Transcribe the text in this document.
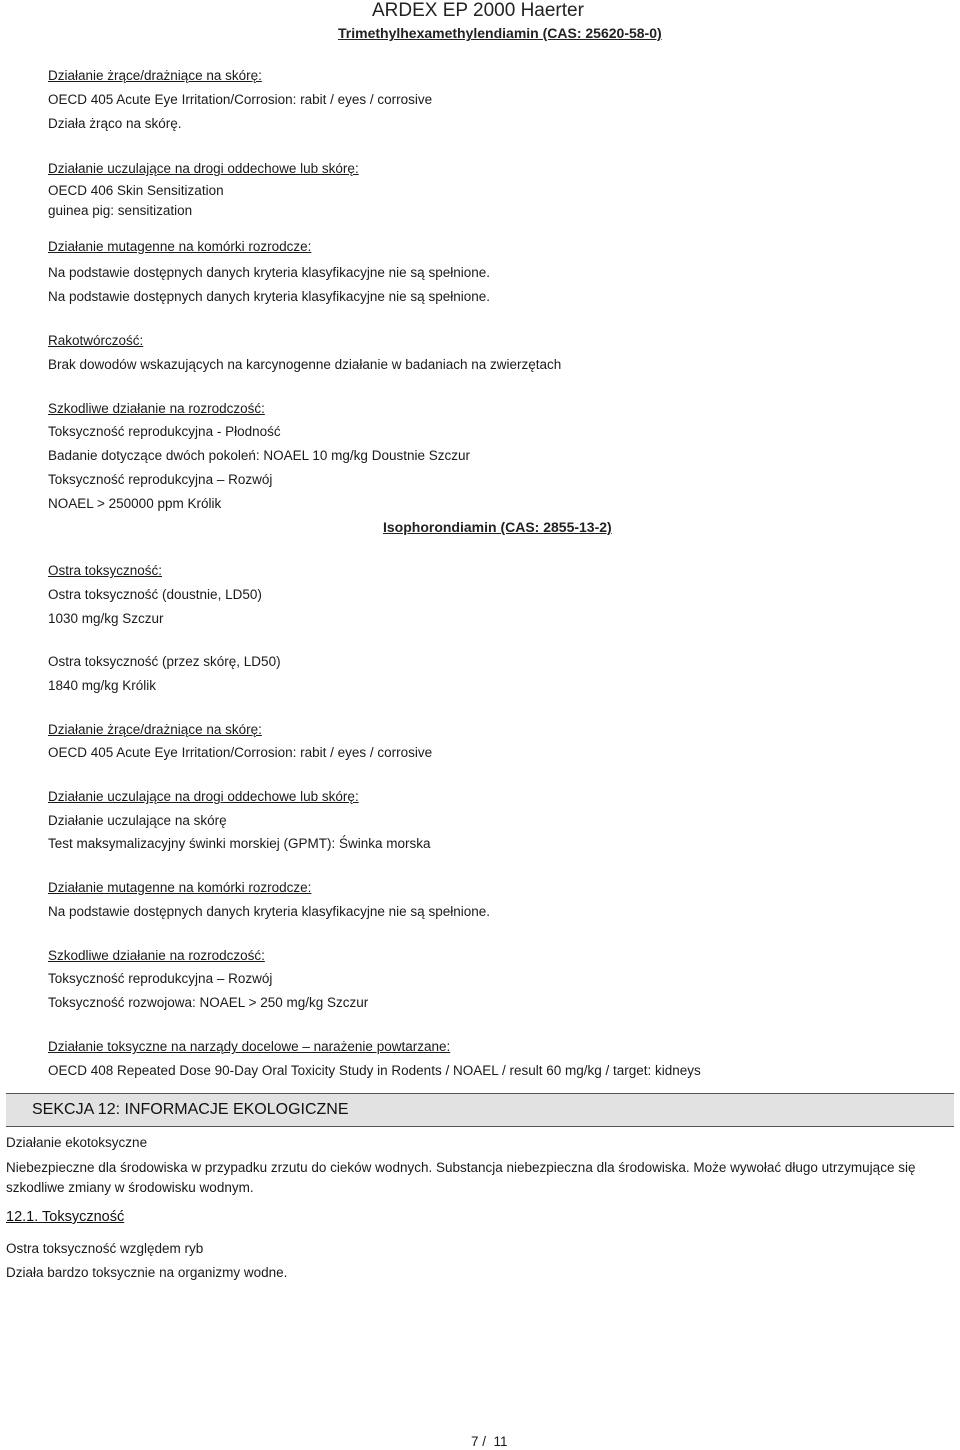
ARDEX EP 2000 Haerter
Trimethylhexamethylendiamin (CAS: 25620-58-0)
Działanie żrące/drażniące na skórę:
OECD 405 Acute Eye Irritation/Corrosion: rabit / eyes / corrosive
Działa żrąco na skórę.
Działanie uczulające na drogi oddechowe lub skórę:
OECD 406 Skin Sensitization
guinea pig: sensitization
Działanie mutagenne na komórki rozrodcze:
Na podstawie dostępnych danych kryteria klasyfikacyjne nie są spełnione.
Na podstawie dostępnych danych kryteria klasyfikacyjne nie są spełnione.
Rakotwórczość:
Brak dowodów wskazujących na karcynogenne działanie w badaniach na zwierzętach
Szkodliwe działanie na rozrodczość:
Toksyczność reprodukcyjna - Płodność
Badanie dotyczące dwóch pokoleń: NOAEL 10 mg/kg Doustnie Szczur
Toksyczność reprodukcyjna – Rozwój
NOAEL > 250000 ppm Królik
Isophorondiamin (CAS: 2855-13-2)
Ostra toksyczność:
Ostra toksyczność (doustnie, LD50)
1030 mg/kg Szczur
Ostra toksyczność (przez skórę, LD50)
1840 mg/kg Królik
Działanie żrące/drażniące na skórę:
OECD 405 Acute Eye Irritation/Corrosion: rabit / eyes / corrosive
Działanie uczulające na drogi oddechowe lub skórę:
Działanie uczulające na skórę
Test maksymalizacyjny świnki morskiej (GPMT): Świnka morska
Działanie mutagenne na komórki rozrodcze:
Na podstawie dostępnych danych kryteria klasyfikacyjne nie są spełnione.
Szkodliwe działanie na rozrodczość:
Toksyczność reprodukcyjna – Rozwój
Toksyczność rozwojowa: NOAEL > 250 mg/kg Szczur
Działanie toksyczne na narządy docelowe – narażenie powtarzane:
OECD 408 Repeated Dose 90-Day Oral Toxicity Study in Rodents / NOAEL / result 60 mg/kg / target: kidneys
SEKCJA 12: INFORMACJE EKOLOGICZNE
Działanie ekotoksyczne
Niebezpieczne dla środowiska w przypadku zrzutu do cieków wodnych. Substancja niebezpieczna dla środowiska. Może wywołać długo utrzymujące się szkodliwe zmiany w środowisku wodnym.
12.1. Toksyczność
Ostra toksyczność względem ryb
Działa bardzo toksycznie na organizmy wodne.
7 /  11
